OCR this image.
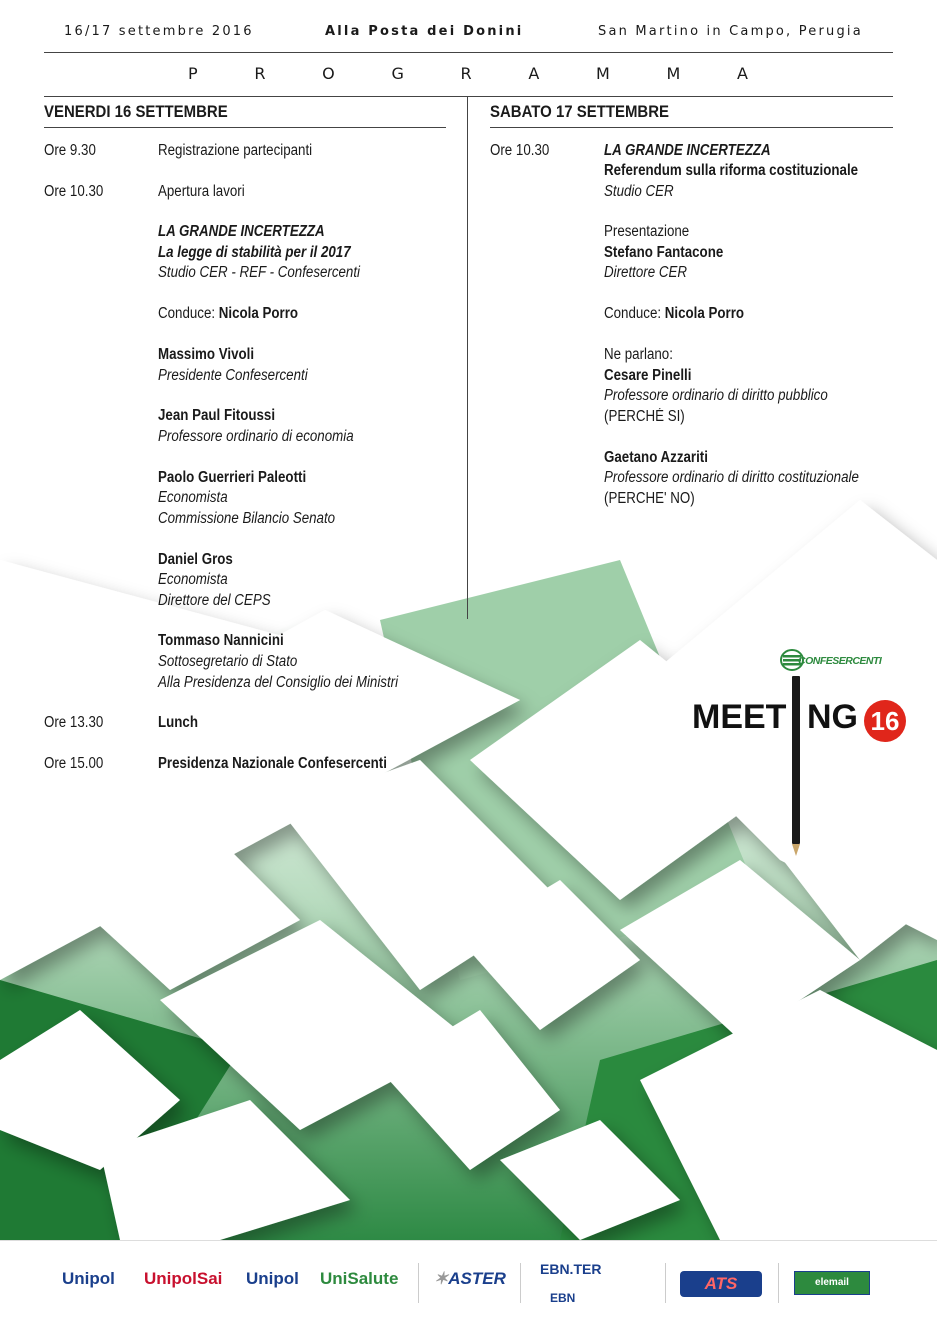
16/17 settembre 2016	Alla Posta dei Donini	San Martino in Campo, Perugia
P	R	O	G	R	A	M	M	A
VENERDI 16 SETTEMBRE	SABATO 17 SETTEMBRE
Ore 9.30	Registrazione partecipanti
Ore 10.30	Apertura lavori
LA GRANDE INCERTEZZA
La legge di stabilità per il 2017
Studio CER - REF - Confesercenti
Conduce: Nicola Porro
Massimo Vivoli
Presidente Confesercenti
Jean Paul Fitoussi
Professore ordinario di economia
Paolo Guerrieri Paleotti
Economista
Commissione Bilancio Senato
Daniel Gros
Economista
Direttore del CEPS
Tommaso Nannicini
Sottosegretario di Stato
Alla Presidenza del Consiglio dei Ministri
Ore 13.30	Lunch
Ore 15.00	Presidenza Nazionale Confesercenti
Ore 10.30	LA GRANDE INCERTEZZA
Referendum sulla riforma costituzionale
Studio CER
Presentazione
Stefano Fantacone
Direttore CER
Conduce: Nicola Porro
Ne parlano:
Cesare Pinelli
Professore ordinario di diritto pubblico
(PERCHÉ SI)
Gaetano Azzariti
Professore ordinario di diritto costituzionale
(PERCHE' NO)
CONFESERCENTI
MEET NG 16
Unipol UnipolSai Unipol UniSalute ✶ASTER EBN.TER
EBN
ATS	elemail
